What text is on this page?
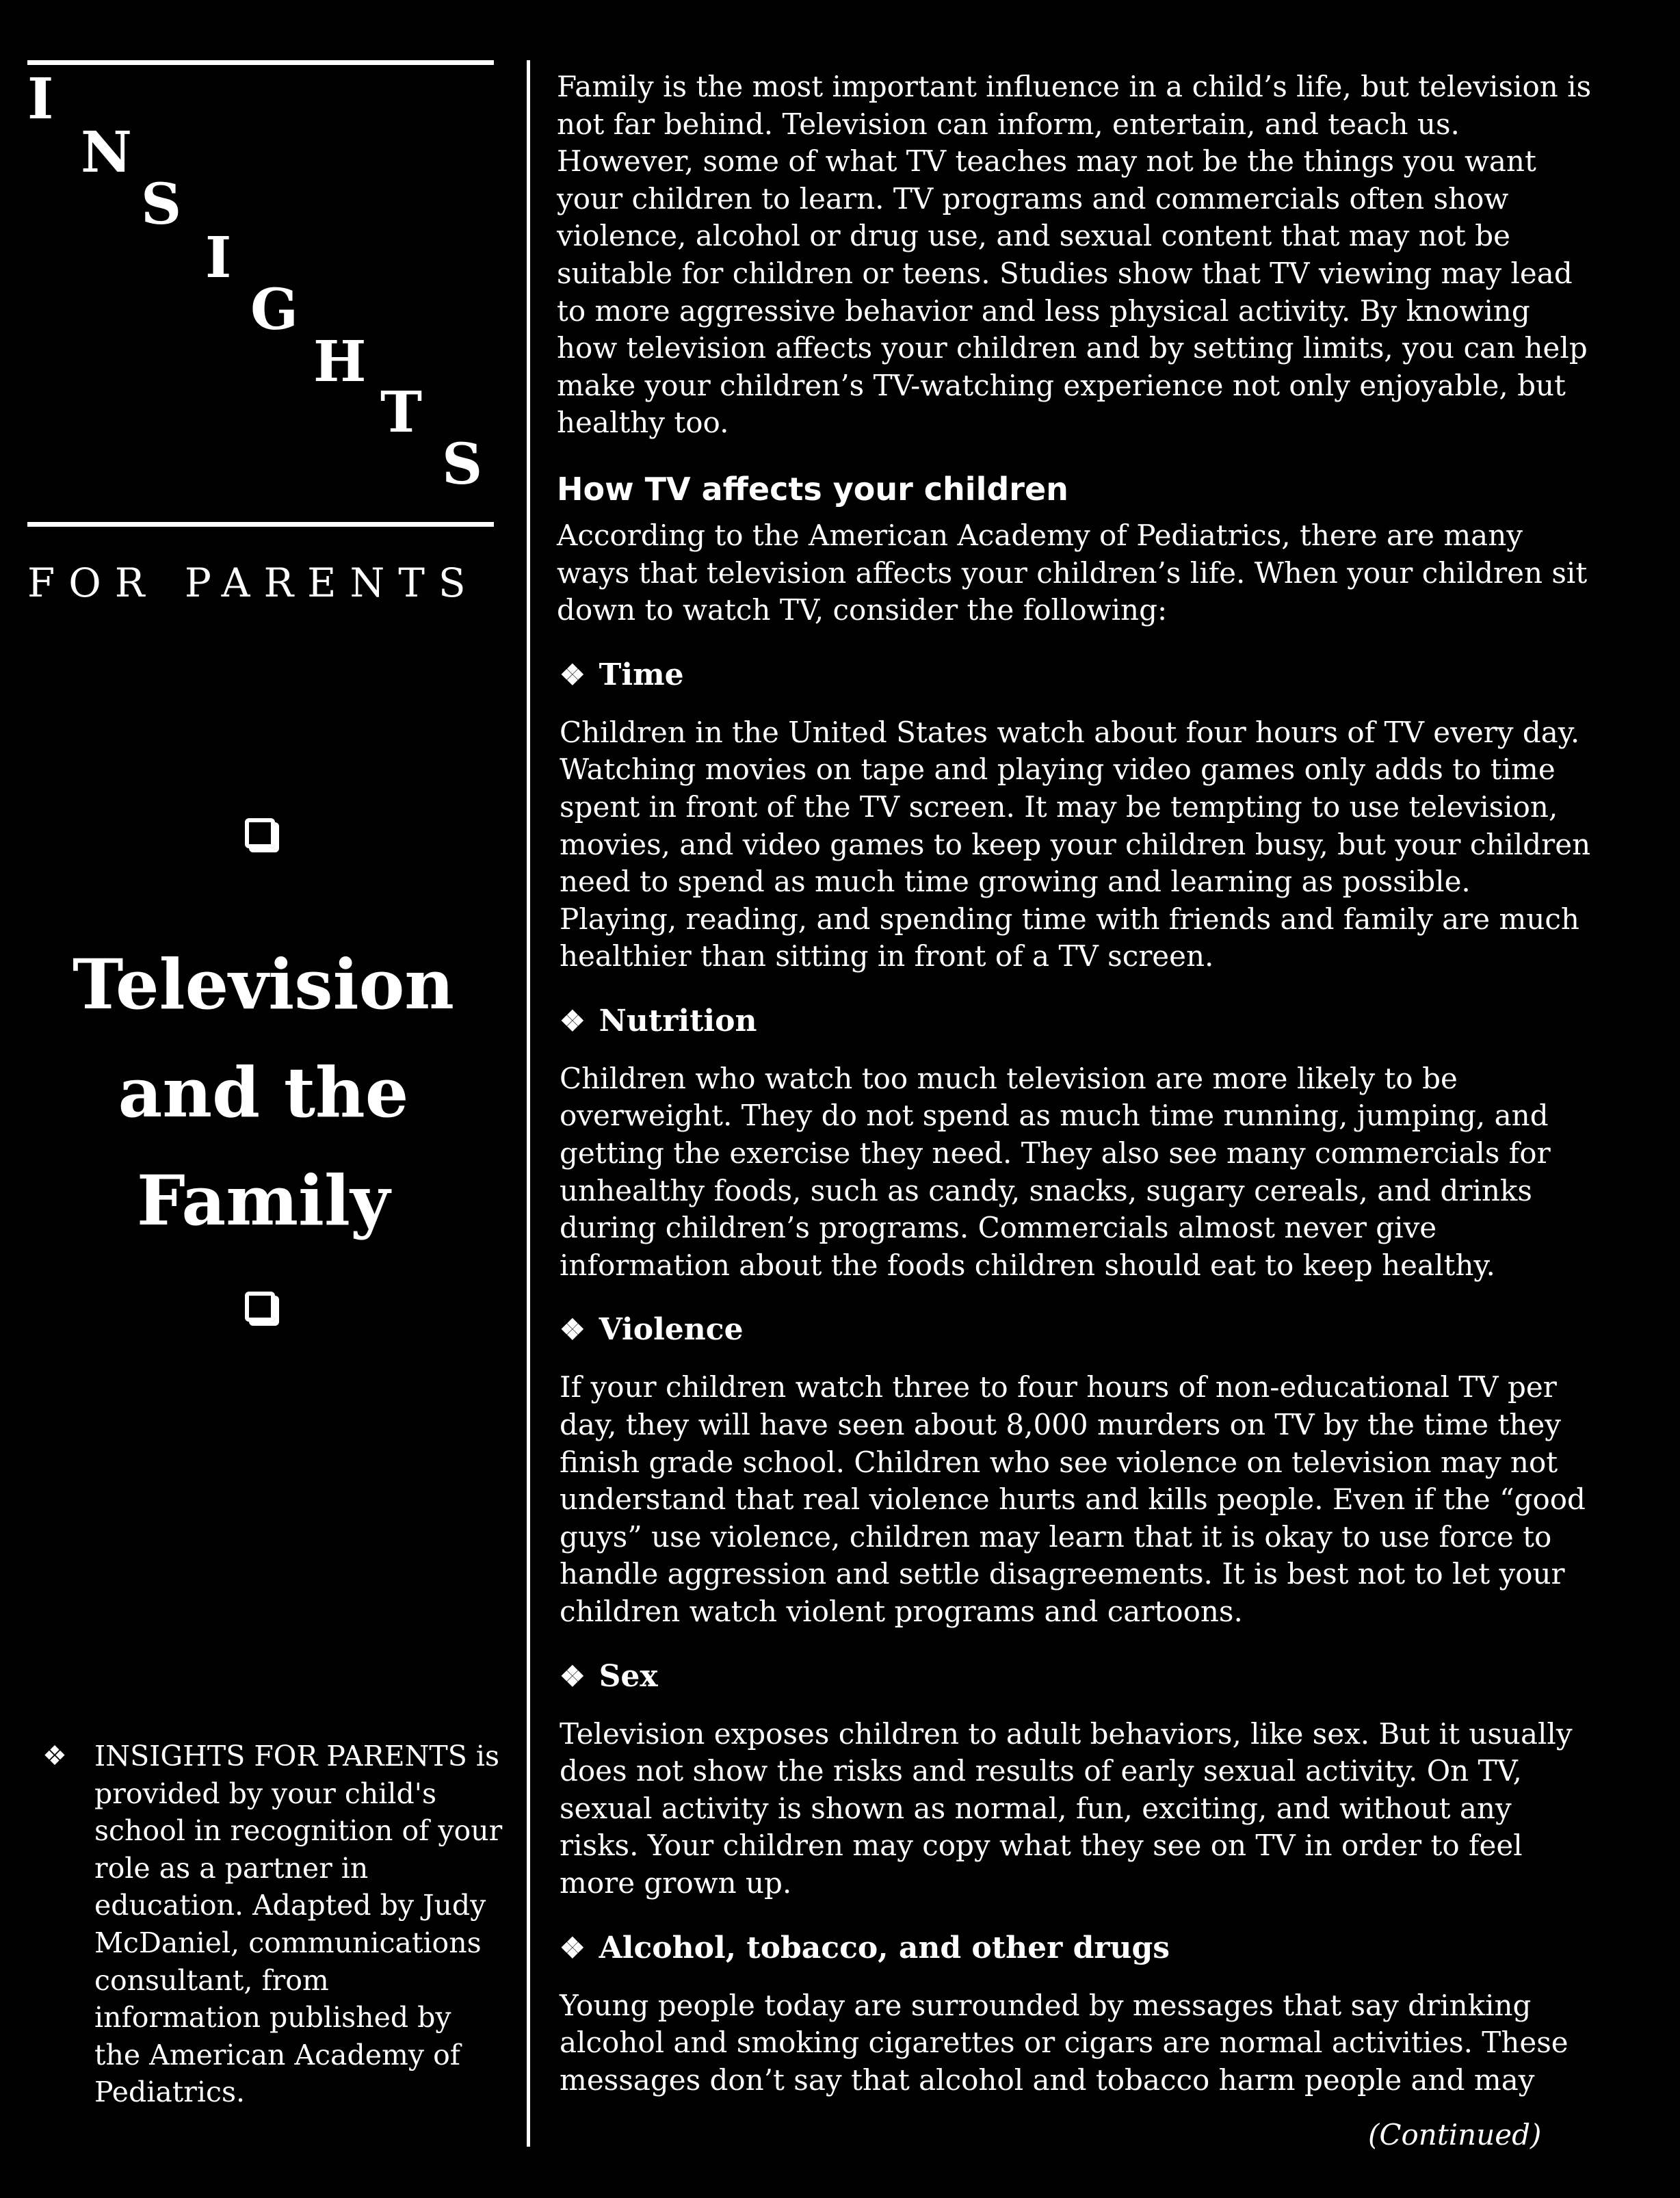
I
N
S
I
G
H
T
S
FOR PARENTS
Television
and the
Family
❖ INSIGHTS FOR PARENTS is provided by your child's school in recognition of your role as a partner in education. Adapted by Judy McDaniel, communications consultant, from information published by the American Academy of Pediatrics.

Family is the most important influence in a child’s life, but television is not far behind. Television can inform, entertain, and teach us. However, some of what TV teaches may not be the things you want your children to learn. TV programs and commercials often show violence, alcohol or drug use, and sexual content that may not be suitable for children or teens. Studies show that TV viewing may lead to more aggressive behavior and less physical activity. By knowing how television affects your children and by setting limits, you can help make your children’s TV-watching experience not only enjoyable, but healthy too.

How TV affects your children

According to the American Academy of Pediatrics, there are many ways that television affects your children’s life. When your children sit down to watch TV, consider the following:

❖ Time

Children in the United States watch about four hours of TV every day. Watching movies on tape and playing video games only adds to time spent in front of the TV screen. It may be tempting to use television, movies, and video games to keep your children busy, but your children need to spend as much time growing and learning as possible. Playing, reading, and spending time with friends and family are much healthier than sitting in front of a TV screen.

❖ Nutrition

Children who watch too much television are more likely to be overweight. They do not spend as much time running, jumping, and getting the exercise they need. They also see many commercials for unhealthy foods, such as candy, snacks, sugary cereals, and drinks during children’s programs. Commercials almost never give information about the foods children should eat to keep healthy.

❖ Violence

If your children watch three to four hours of non-educational TV per day, they will have seen about 8,000 murders on TV by the time they finish grade school. Children who see violence on television may not understand that real violence hurts and kills people. Even if the “good guys” use violence, children may learn that it is okay to use force to handle aggression and settle disagreements. It is best not to let your children watch violent programs and cartoons.

❖ Sex

Television exposes children to adult behaviors, like sex. But it usually does not show the risks and results of early sexual activity. On TV, sexual activity is shown as normal, fun, exciting, and without any risks. Your children may copy what they see on TV in order to feel more grown up.

❖ Alcohol, tobacco, and other drugs

Young people today are surrounded by messages that say drinking alcohol and smoking cigarettes or cigars are normal activities. These messages don’t say that alcohol and tobacco harm people and may

(Continued)
